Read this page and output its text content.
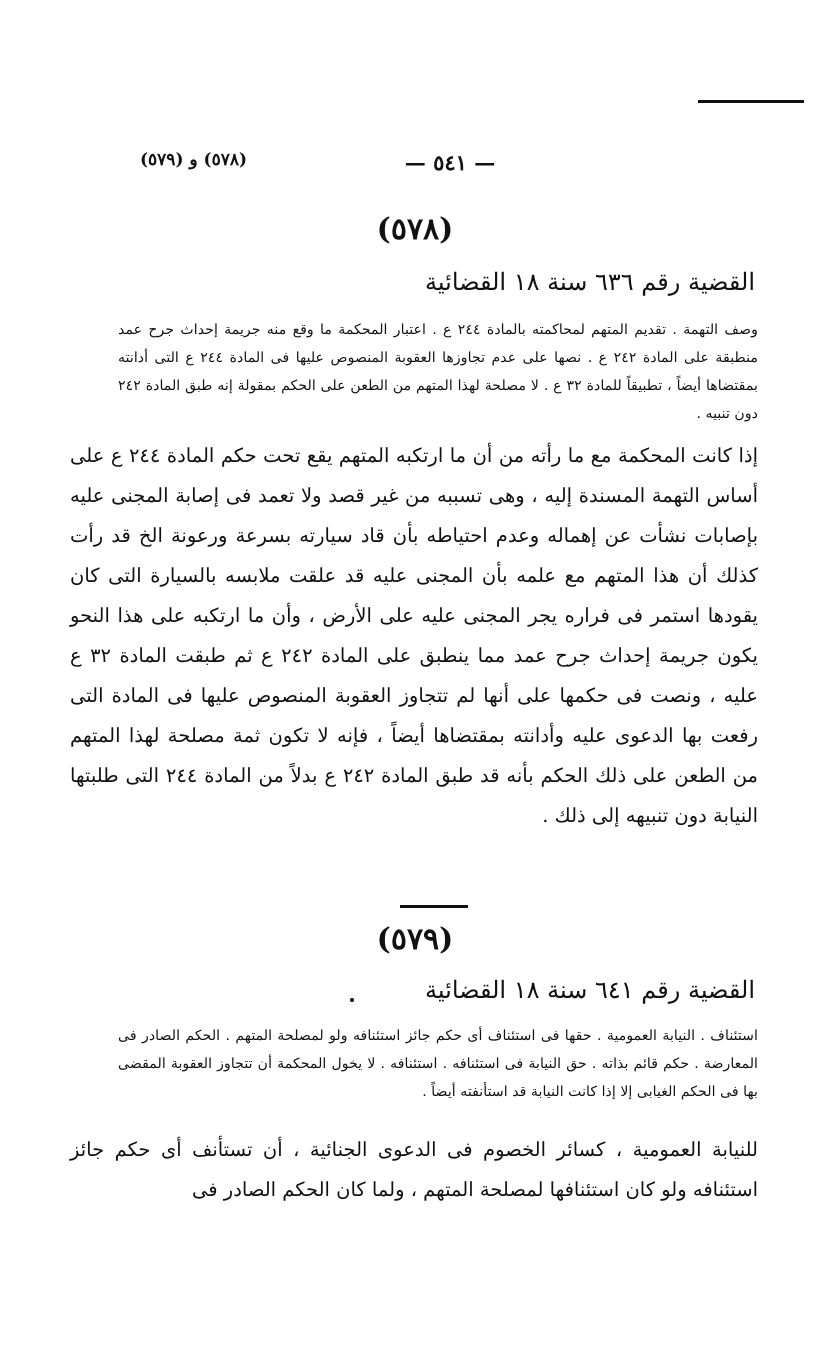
— ٥٤١ —
(٥٧٨) و (٥٧٩)
(٥٧٨)
القضية رقم ٦٣٦ سنة ١٨ القضائية
وصف التهمة . تقديم المتهم لمحاكمته بالمادة ٢٤٤ ع . اعتبار المحكمة ما وقع منه جريمة إحداث جرح عمد منطبقة على المادة ٢٤٢ ع . نصها على عدم تجاوزها العقوبة المنصوص عليها فى المادة ٢٤٤ ع التى أدانته بمقتضاها أيضاً ، تطبيقاً للمادة ٣٢ ع . لا مصلحة لهذا المتهم من الطعن على الحكم بمقولة إنه طبق المادة ٢٤٢ دون تنبيه .
إذا كانت المحكمة مع ما رأته من أن ما ارتكبه المتهم يقع تحت حكم المادة ٢٤٤ ع على أساس التهمة المسندة إليه ، وهى تسببه من غير قصد ولا تعمد فى إصابة المجنى عليه بإصابات نشأت عن إهماله وعدم احتياطه بأن قاد سيارته بسرعة ورعونة الخ قد رأت كذلك أن هذا المتهم مع علمه بأن المجنى عليه قد علقت ملابسه بالسيارة التى كان يقودها استمر فى فراره يجر المجنى عليه على الأرض ، وأن ما ارتكبه على هذا النحو يكون جريمة إحداث جرح عمد مما ينطبق على المادة ٢٤٢ ع ثم طبقت المادة ٣٢ ع عليه ، ونصت فى حكمها على أنها لم تتجاوز العقوبة المنصوص عليها فى المادة التى رفعت بها الدعوى عليه وأدانته بمقتضاها أيضاً ، فإنه لا تكون ثمة مصلحة لهذا المتهم من الطعن على ذلك الحكم بأنه قد طبق المادة ٢٤٢ ع بدلاً من المادة ٢٤٤ التى طلبتها النيابة دون تنبيهه إلى ذلك .
(٥٧٩)
القضية رقم ٦٤١ سنة ١٨ القضائية
استئناف . النيابة العمومية . حقها فى استئناف أى حكم جائز استئنافه ولو لمصلحة المتهم . الحكم الصادر فى المعارضة . حكم قائم بذاته . حق النيابة فى استئنافه . استئنافه . لا يخول المحكمة أن تتجاوز العقوبة المقضى بها فى الحكم الغيابى إلا إذا كانت النيابة قد استأنفته أيضاً .
للنيابة العمومية ، كسائر الخصوم فى الدعوى الجنائية ، أن تستأنف أى حكم جائز استئنافه ولو كان استئنافها لمصلحة المتهم ، ولما كان الحكم الصادر فى
